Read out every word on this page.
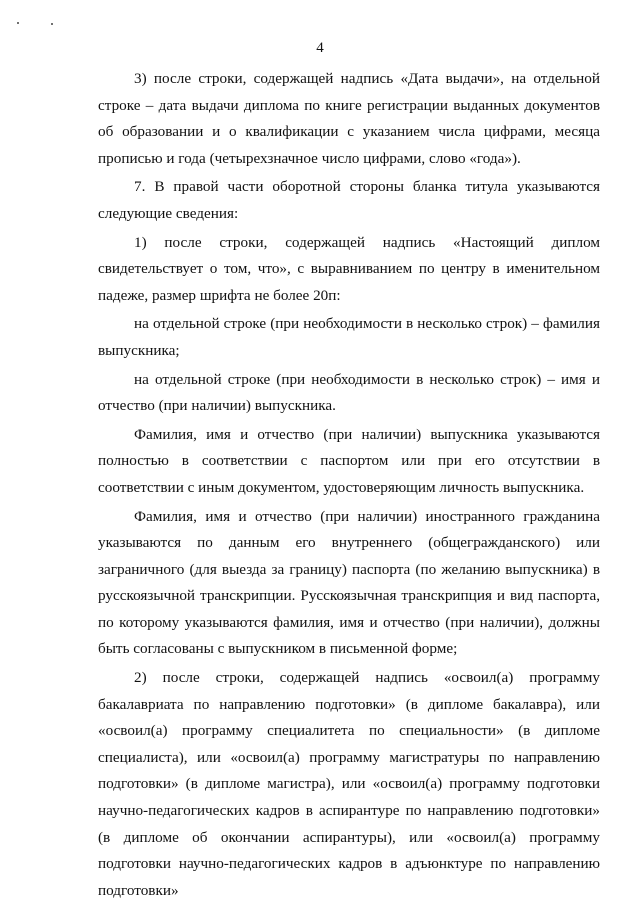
4

3) после строки, содержащей надпись «Дата выдачи», на отдельной строке – дата выдачи диплома по книге регистрации выданных документов об образовании и о квалификации с указанием числа цифрами, месяца прописью и года (четырехзначное число цифрами, слово «года»).

7. В правой части оборотной стороны бланка титула указываются следующие сведения:

1) после строки, содержащей надпись «Настоящий диплом свидетельствует о том, что», с выравниванием по центру в именительном падеже, размер шрифта не более 20п:

на отдельной строке (при необходимости в несколько строк) – фамилия выпускника;

на отдельной строке (при необходимости в несколько строк) – имя и отчество (при наличии) выпускника.

Фамилия, имя и отчество (при наличии) выпускника указываются полностью в соответствии с паспортом или при его отсутствии в соответствии с иным документом, удостоверяющим личность выпускника.

Фамилия, имя и отчество (при наличии) иностранного гражданина указываются по данным его внутреннего (общегражданского) или заграничного (для выезда за границу) паспорта (по желанию выпускника) в русскоязычной транскрипции. Русскоязычная транскрипция и вид паспорта, по которому указываются фамилия, имя и отчество (при наличии), должны быть согласованы с выпускником в письменной форме;

2) после строки, содержащей надпись «освоил(а) программу бакалавриата по направлению подготовки» (в дипломе бакалавра), или «освоил(а) программу специалитета по специальности» (в дипломе специалиста), или «освоил(а) программу магистратуры по направлению подготовки» (в дипломе магистра), или «освоил(а) программу подготовки научно-педагогических кадров в аспирантуре по направлению подготовки» (в дипломе об окончании аспирантуры), или «освоил(а) программу подготовки научно-педагогических кадров в адъюнктуре по направлению подготовки»
